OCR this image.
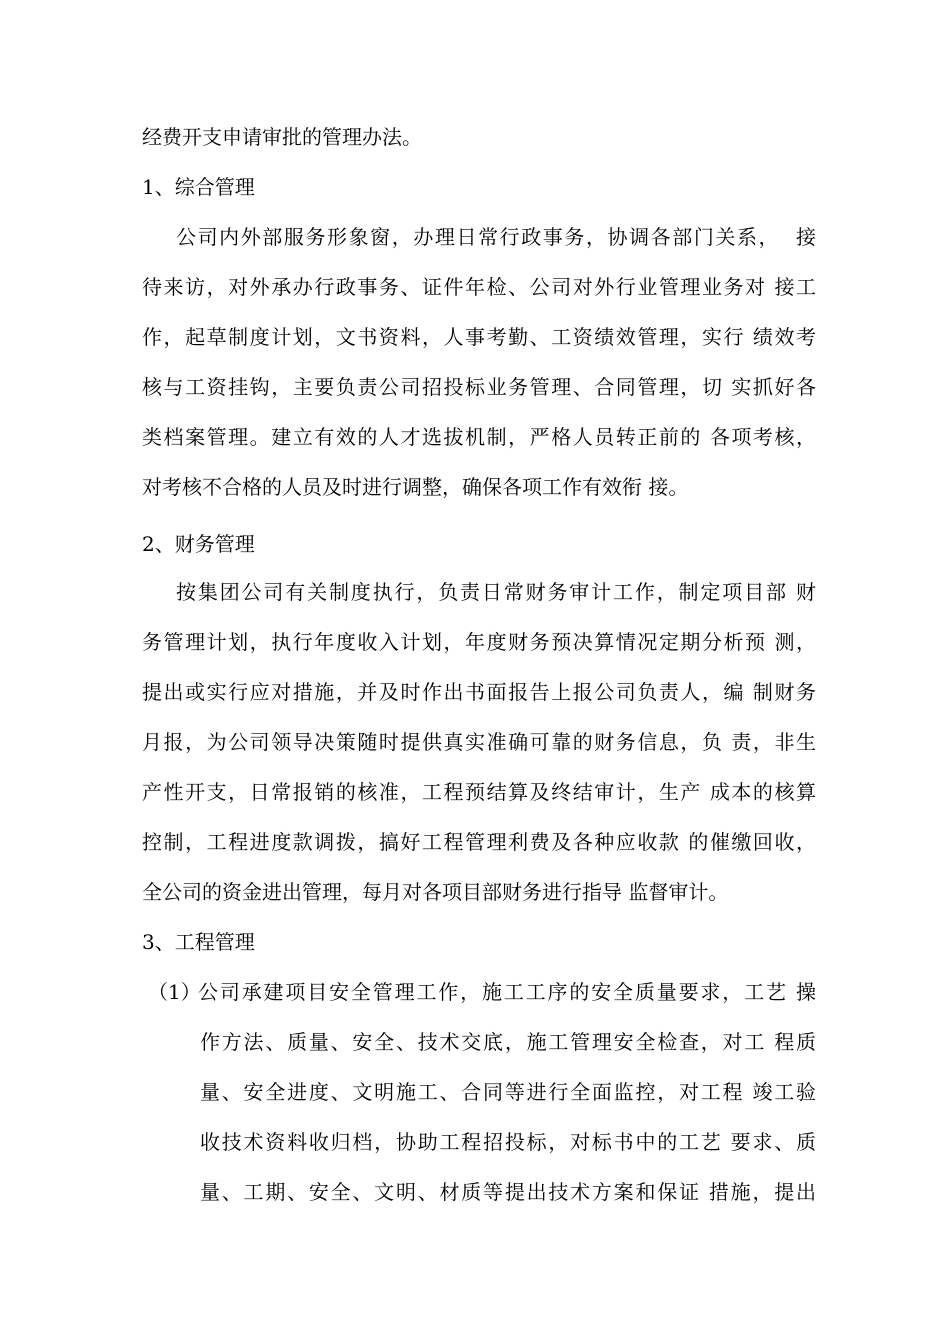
经费开支申请审批的管理办法。

1、综合管理

公司内外部服务形象窗，办理日常行政事务，协调各部门关系，  接

待来访，对外承办行政事务、证件年检、公司对外行业管理业务对 接工

作，起草制度计划，文书资料，人事考勤、工资绩效管理，实行 绩效考

核与工资挂钩，主要负责公司招投标业务管理、合同管理，切 实抓好各

类档案管理。建立有效的人才选拔机制，严格人员转正前的 各项考核，

对考核不合格的人员及时进行调整，确保各项工作有效衔 接。

2、财务管理

按集团公司有关制度执行，负责日常财务审计工作，制定项目部 财

务管理计划，执行年度收入计划，年度财务预决算情况定期分析预 测，

提出或实行应对措施，并及时作出书面报告上报公司负责人，编 制财务

月报，为公司领导决策随时提供真实准确可靠的财务信息，负 责，非生

产性开支，日常报销的核准，工程预结算及终结审计，生产 成本的核算

控制，工程进度款调拨，搞好工程管理利费及各种应收款 的催缴回收，

全公司的资金进出管理，每月对各项目部财务进行指导 监督审计。

3、工程管理

（1）

公司承建项目安全管理工作，施工工序的安全质量要求，工艺 操

作方法、质量、安全、技术交底，施工管理安全检查，对工 程质

量、安全进度、文明施工、合同等进行全面监控，对工程 竣工验

收技术资料收归档，协助工程招投标，对标书中的工艺 要求、质

量、工期、安全、文明、材质等提出技术方案和保证 措施，提出
